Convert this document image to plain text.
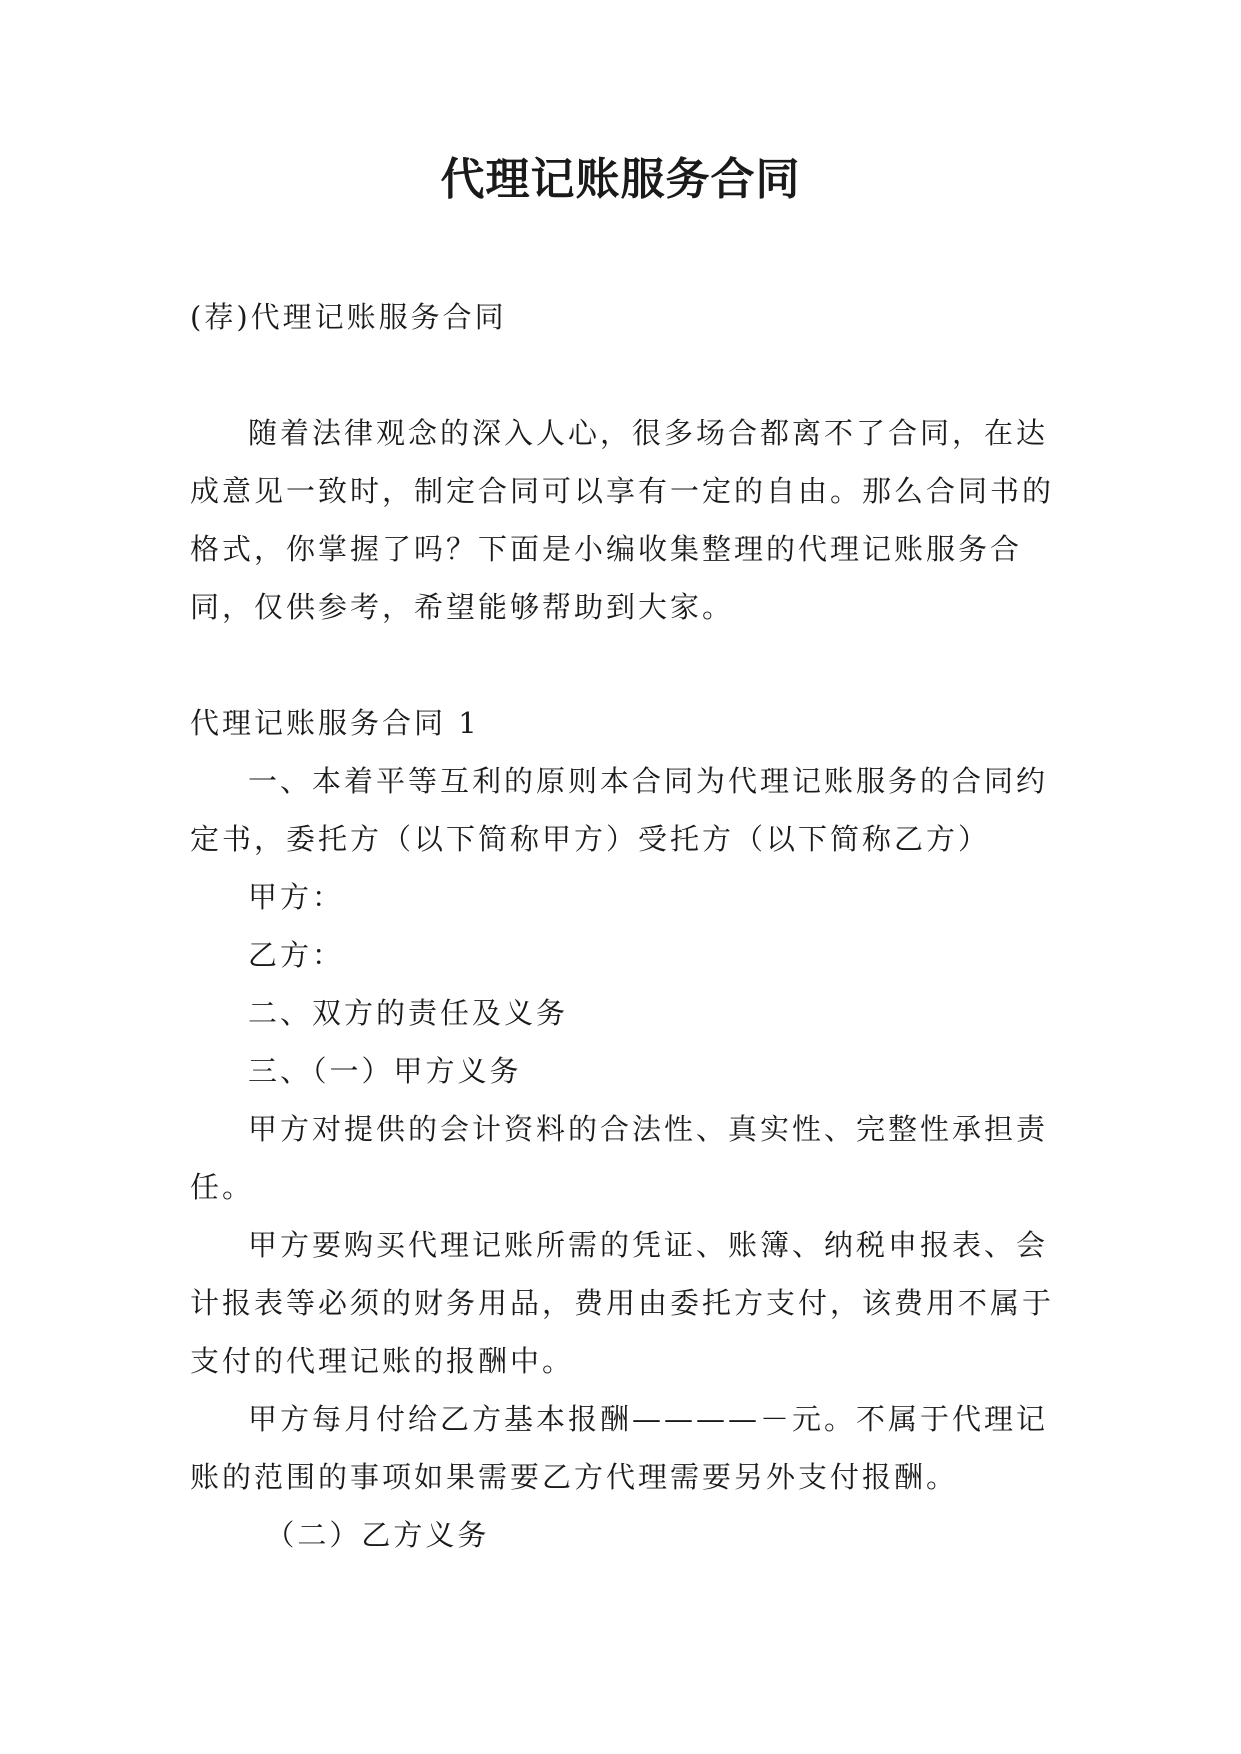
代理记账服务合同

(荐)代理记账服务合同

随着法律观念的深入人心，很多场合都离不了合同，在达成意见一致时，制定合同可以享有一定的自由。那么合同书的格式，你掌握了吗？下面是小编收集整理的代理记账服务合同，仅供参考，希望能够帮助到大家。

代理记账服务合同 1

一、本着平等互利的原则本合同为代理记账服务的合同约定书，委托方（以下简称甲方）受托方（以下简称乙方）

甲方：

乙方：

二、双方的责任及义务

三、（一）甲方义务

甲方对提供的会计资料的合法性、真实性、完整性承担责任。

甲方要购买代理记账所需的凭证、账簿、纳税申报表、会计报表等必须的财务用品，费用由委托方支付，该费用不属于支付的代理记账的报酬中。

甲方每月付给乙方基本报酬————－元。不属于代理记账的范围的事项如果需要乙方代理需要另外支付报酬。

（二）乙方义务
